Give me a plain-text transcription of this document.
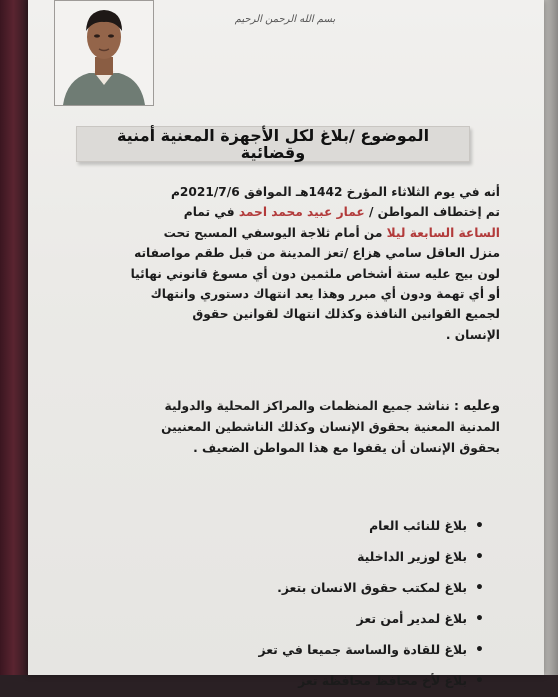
بسم الله الرحمن الرحيم
الموضوع /بلاغ لكل الأجهزة المعنية أمنية
وقضائية
أنه في يوم الثلاثاء المؤرخ 1442هـ الموافق 2021/7/6م
تم إختطاف المواطن / عمار عبيد محمد احمد في تمام
الساعة السابعة ليلا من أمام ثلاجة اليوسفي المسبح تحت
منزل العاقل سامي هزاع /تعز المدينة من قبل طقم مواصفاته
لون بيج عليه ستة أشخاص ملثمين دون أي مسوغ قانوني نهائيا
أو أي تهمة ودون أي مبرر وهذا يعد انتهاك دستوري وانتهاك
لجميع القوانين النافذة وكذلك انتهاك لقوانين حقوق
الإنسان .
وعليه : نناشد جميع المنظمات والمراكز المحلية والدولية
المدنية المعنية بحقوق الإنسان وكذلك الناشطين المعنيين
بحقوق الإنسان أن يقفوا مع هذا المواطن الضعيف .
•بلاغ للنائب العام
•بلاغ لوزير الداخلية
•بلاغ لمكتب حقوق الانسان بتعز.
•بلاغ لمدير أمن تعز
•بلاغ للقادة والساسة جميعا في تعز
•بلاغ لأخ محافظ محافظة تعز
